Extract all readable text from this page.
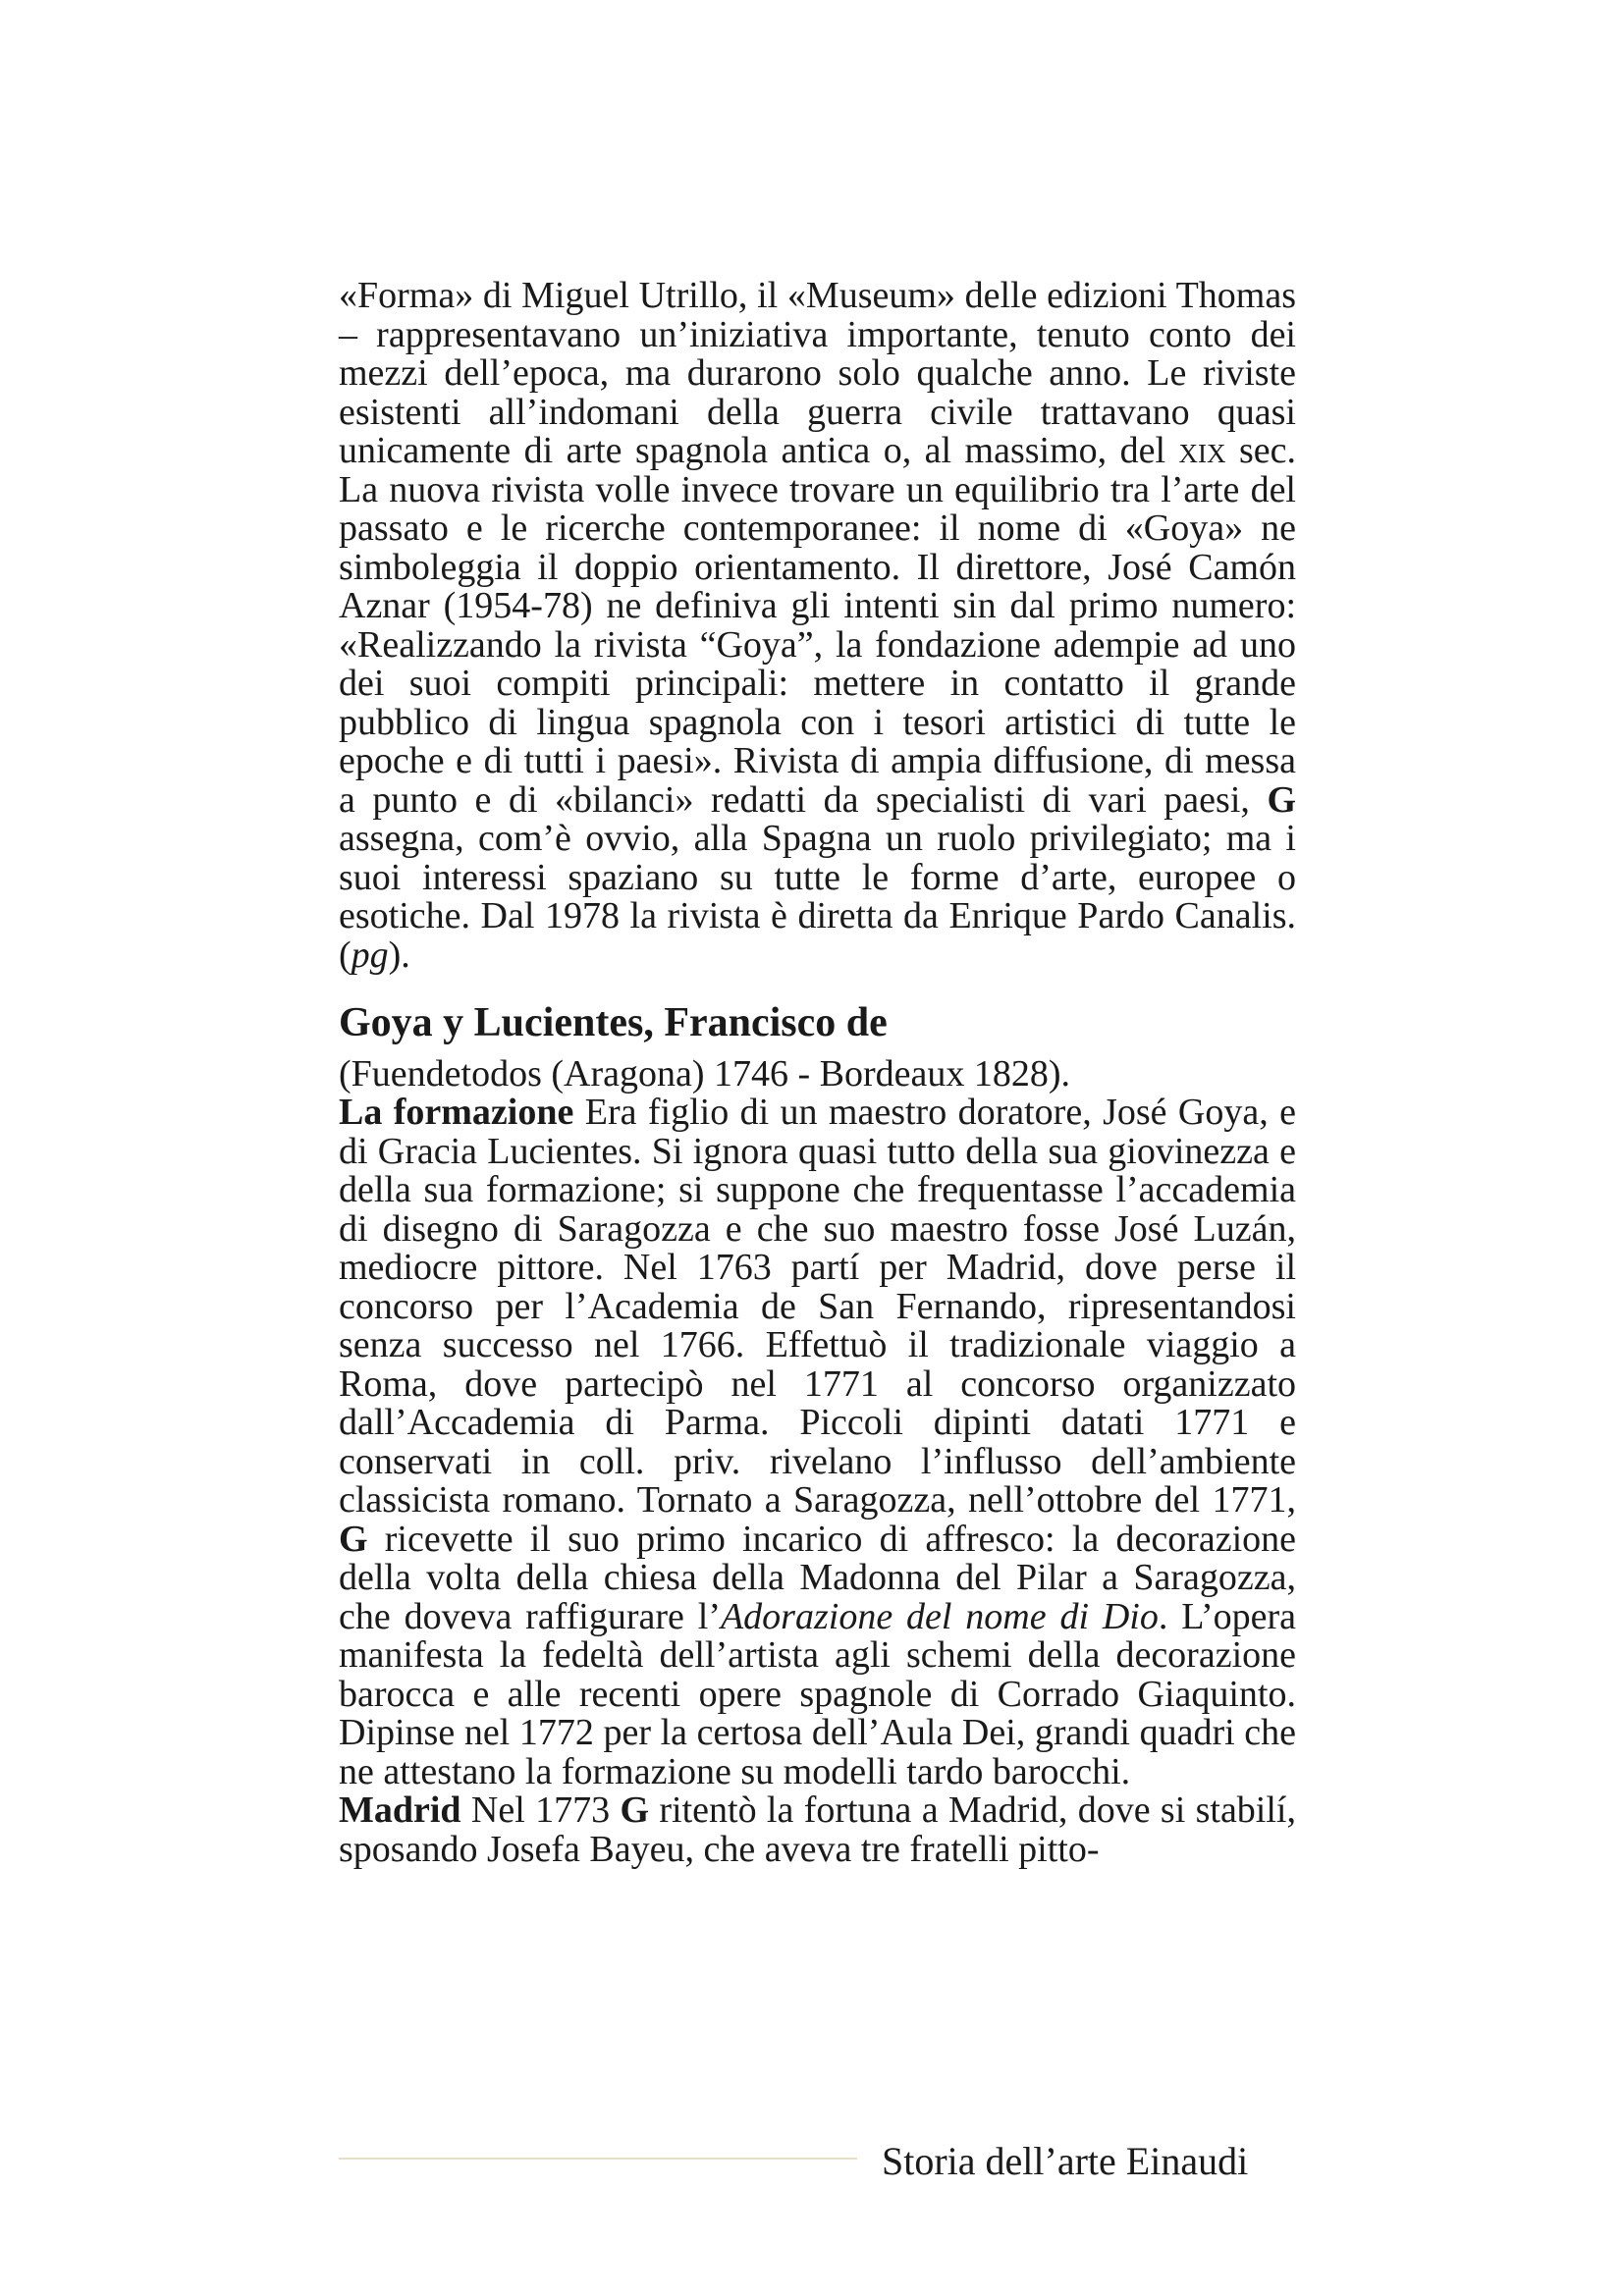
«Forma» di Miguel Utrillo, il «Museum» delle edizioni Thomas – rappresentavano un’iniziativa importante, tenuto conto dei mezzi dell’epoca, ma durarono solo qualche anno. Le riviste esistenti all’indomani della guerra civile trattavano quasi unicamente di arte spagnola antica o, al massimo, del xix sec. La nuova rivista volle invece trovare un equilibrio tra l’arte del passato e le ricerche contemporanee: il nome di «Goya» ne simboleggia il doppio orientamento. Il direttore, José Camón Aznar (1954-78) ne definiva gli intenti sin dal primo numero: «Realizzando la rivista “Goya”, la fondazione adempie ad uno dei suoi compiti principali: mettere in contatto il grande pubblico di lingua spagnola con i tesori artistici di tutte le epoche e di tutti i paesi». Rivista di ampia diffusione, di messa a punto e di «bilanci» redatti da specialisti di vari paesi, G assegna, com’è ovvio, alla Spagna un ruolo privilegiato; ma i suoi interessi spaziano su tutte le forme d’arte, europee o esotiche. Dal 1978 la rivista è diretta da Enrique Pardo Canalis. (pg).

Goya y Lucientes, Francisco de

(Fuendetodos (Aragona) 1746 - Bordeaux 1828).

La formazione Era figlio di un maestro doratore, José Goya, e di Gracia Lucientes. Si ignora quasi tutto della sua giovinezza e della sua formazione; si suppone che frequentasse l’accademia di disegno di Saragozza e che suo maestro fosse José Luzán, mediocre pittore. Nel 1763 partí per Madrid, dove perse il concorso per l’Academia de San Fernando, ripresentandosi senza successo nel 1766. Effettuò il tradizionale viaggio a Roma, dove partecipò nel 1771 al concorso organizzato dall’Accademia di Parma. Piccoli dipinti datati 1771 e conservati in coll. priv. rivelano l’influsso dell’ambiente classicista romano. Tornato a Saragozza, nell’ottobre del 1771, G ricevette il suo primo incarico di affresco: la decorazione della volta della chiesa della Madonna del Pilar a Saragozza, che doveva raffigurare l’Adorazione del nome di Dio. L’opera manifesta la fedeltà dell’artista agli schemi della decorazione barocca e alle recenti opere spagnole di Corrado Giaquinto. Dipinse nel 1772 per la certosa dell’Aula Dei, grandi quadri che ne attestano la formazione su modelli tardo barocchi.

Madrid Nel 1773 G ritentò la fortuna a Madrid, dove si stabilí, sposando Josefa Bayeu, che aveva tre fratelli pitto-

Storia dell’arte Einaudi
